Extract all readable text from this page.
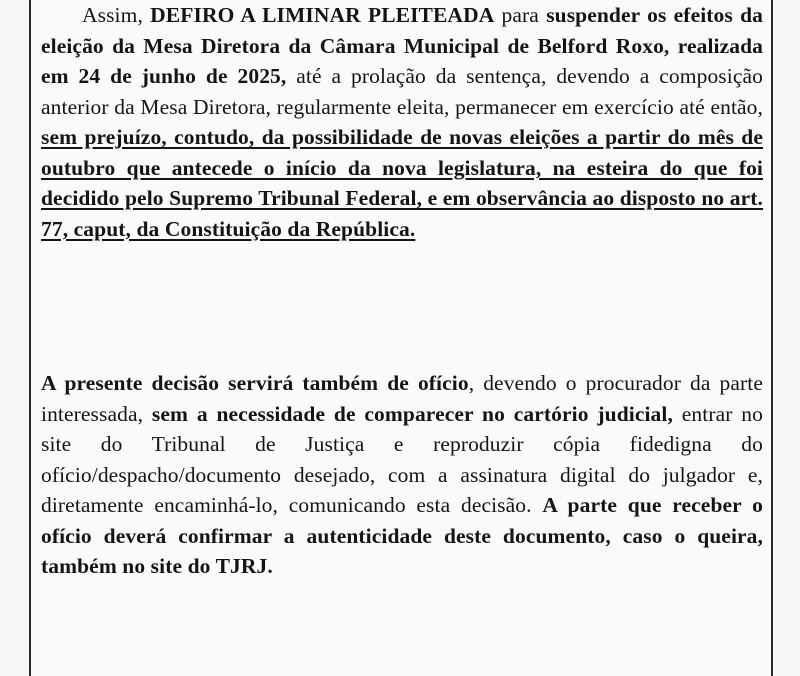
Assim, DEFIRO A LIMINAR PLEITEADA para suspender os efeitos da eleição da Mesa Diretora da Câmara Municipal de Belford Roxo, realizada em 24 de junho de 2025, até a prolação da sentença, devendo a composição anterior da Mesa Diretora, regularmente eleita, permanecer em exercício até então, sem prejuízo, contudo, da possibilidade de novas eleições a partir do mês de outubro que antecede o início da nova legislatura, na esteira do que foi decidido pelo Supremo Tribunal Federal, e em observância ao disposto no art. 77, caput, da Constituição da República.

A presente decisão servirá também de ofício, devendo o procurador da parte interessada, sem a necessidade de comparecer no cartório judicial, entrar no site do Tribunal de Justiça e reproduzir cópia fidedigna do ofício/despacho/documento desejado, com a assinatura digital do julgador e, diretamente encaminhá-lo, comunicando esta decisão. A parte que receber o ofício deverá confirmar a autenticidade deste documento, caso o queira, também no site do TJRJ.
